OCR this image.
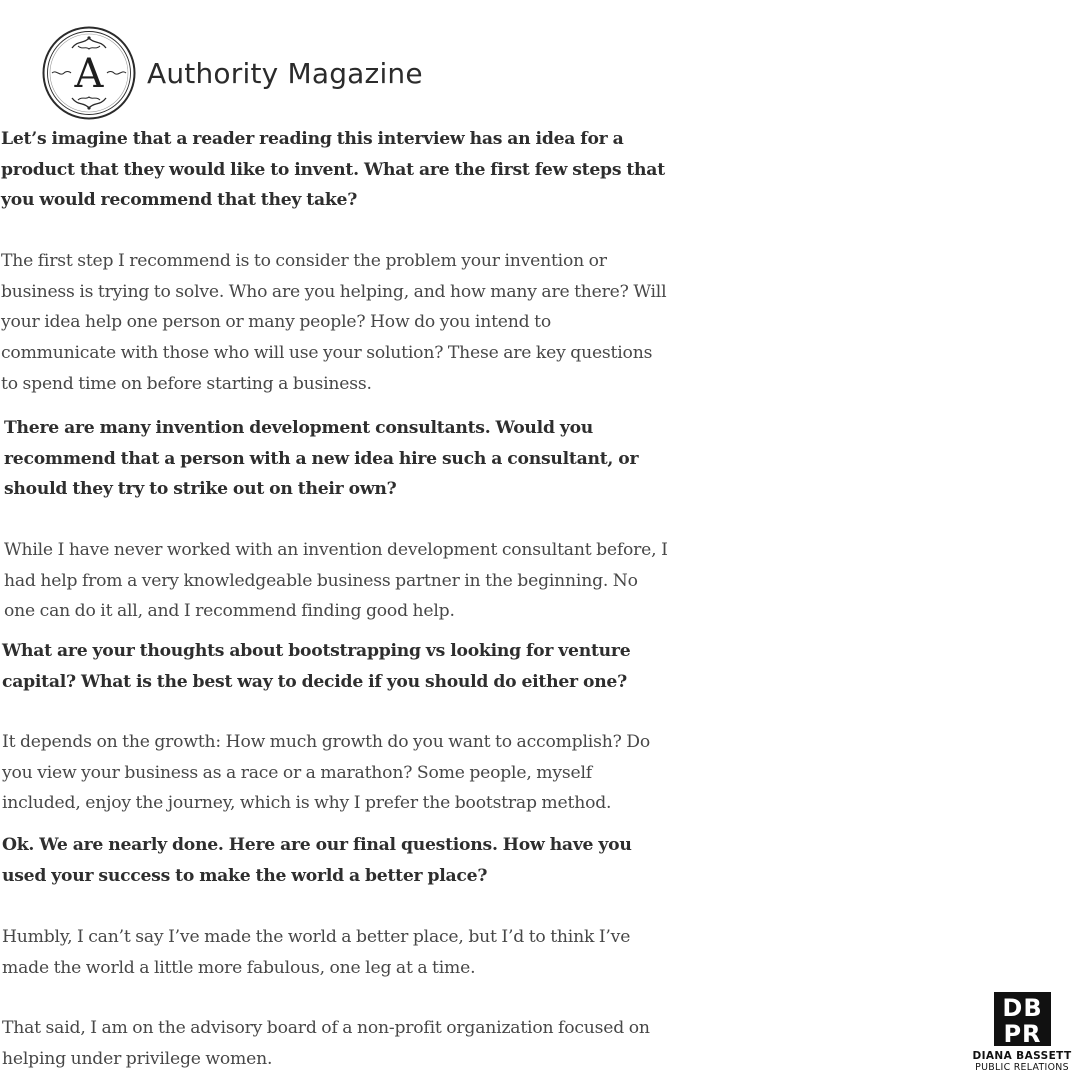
A Authority Magazine
Let’s imagine that a reader reading this interview has an idea for a product that they would like to invent. What are the first few steps that you would recommend that they take?
The first step I recommend is to consider the problem your invention or business is trying to solve. Who are you helping, and how many are there? Will your idea help one person or many people? How do you intend to communicate with those who will use your solution? These are key questions to spend time on before starting a business.
There are many invention development consultants. Would you recommend that a person with a new idea hire such a consultant, or should they try to strike out on their own?
While I have never worked with an invention development consultant before, I had help from a very knowledgeable business partner in the beginning. No one can do it all, and I recommend finding good help.
What are your thoughts about bootstrapping vs looking for venture capital? What is the best way to decide if you should do either one?
It depends on the growth: How much growth do you want to accomplish? Do you view your business as a race or a marathon? Some people, myself included, enjoy the journey, which is why I prefer the bootstrap method.
Ok. We are nearly done. Here are our final questions. How have you used your success to make the world a better place?
Humbly, I can’t say I’ve made the world a better place, but I’d to think I’ve made the world a little more fabulous, one leg at a time.
That said, I am on the advisory board of a non-profit organization focused on helping under privilege women.
DB
PR
DIANA BASSETT
PUBLIC RELATIONS
